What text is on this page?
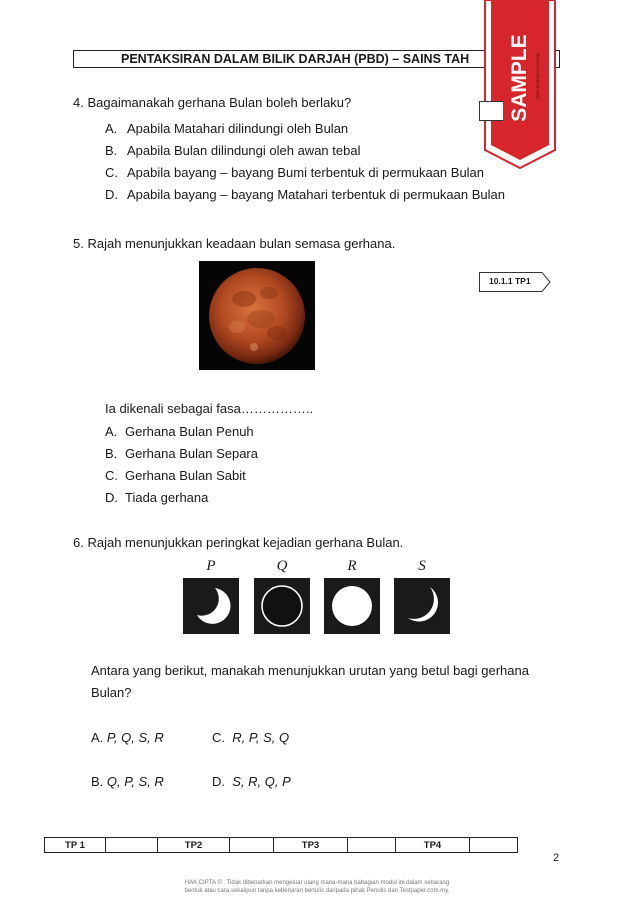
PENTAKSIRAN DALAM BILIK DARJAH (PBD) – SAINS TAH	SAMPLE www.testpaper.com.my
4. Bagaimanakah gerhana Bulan boleh berlaku?
A. Apabila Matahari dilindungi oleh Bulan
B. Apabila Bulan dilindungi oleh awan tebal
C. Apabila bayang – bayang Bumi terbentuk di permukaan Bulan
D. Apabila bayang – bayang Matahari terbentuk di permukaan Bulan
5. Rajah menunjukkan keadaan bulan semasa gerhana.
10.1.1 TP1
Ia dikenali sebagai fasa……………..
A. Gerhana Bulan Penuh
B. Gerhana Bulan Separa
C. Gerhana Bulan Sabit
D. Tiada gerhana
6. Rajah menunjukkan peringkat kejadian gerhana Bulan.
P	Q	R	S
Antara yang berikut, manakah menunjukkan urutan yang betul bagi gerhana
Bulan?
A. P, Q, S, R	C. R, P, S, Q
B. Q, P, S, R	D. S, R, Q, P
TP 1		TP2		TP3		TP4	
2
HAK CIPTA © : Tidak dibenarkan mengeluar ulang mana-mana bahagian modul ini dalam sebarang
bentuk atau cara sekalipun tanpa kebenaran bertulis daripada pihak Penulis dan Testpaper.com.my.
